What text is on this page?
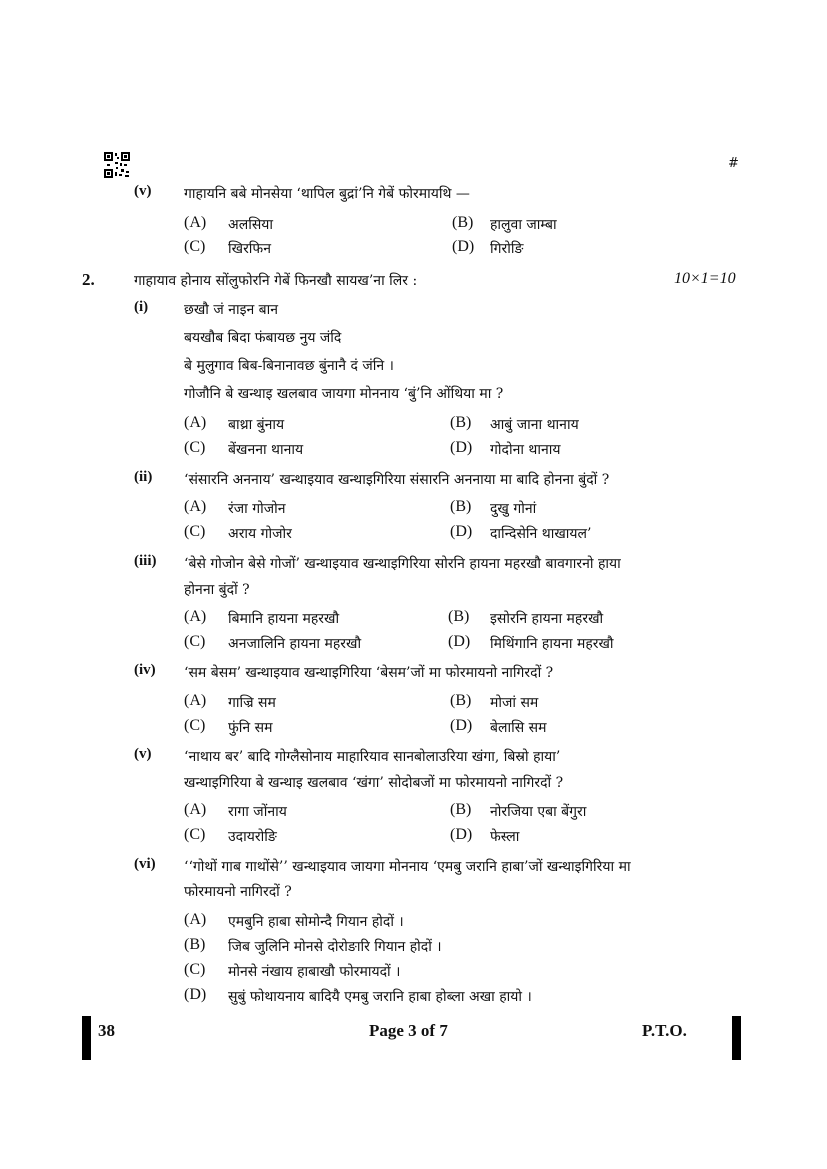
#
(v) गाहायनि बबे मोनसेया ‘थापिल बुद्रां’नि गेबें फोरमायथि —
(A) अलसिया	(B) हालुवा जाम्बा
(C) खिरफिन	(D) गिरोङि
2.	गाहायाव होनाय सोंलुफोरनि गेबें फिनखौ सायख’ना लिर :	10×1=10
(i)	छखौ जं नाइन बान
बयखौब बिदा फंबायछ नुय जंदि
बे मुलुगाव बिब-बिनानावछ बुंनानै दं जंनि ।
गोजौनि बे खन्थाइ खलबाव जायगा मोननाय ‘बुं’नि ओंथिया मा ?
(A) बाथ्रा बुंनाय	(B) आबुं जाना थानाय
(C) बेंखनना थानाय	(D) गोदोना थानाय
(ii) ‘संसारनि अननाय’ खन्थाइयाव खन्थाइगिरिया संसारनि अननाया मा बादि होनना बुंदों ?
(A) रंजा गोजोन	(B) दुखु गोनां
(C) अराय गोजोर	(D) दान्दिसेनि थाखायल’
(iii) ‘बेसे गोजोन बेसे गोजों’ खन्थाइयाव खन्थाइगिरिया सोरनि हायना महरखौ बावगारनो हाया
होनना बुंदों ?
(A) बिमानि हायना महरखौ	(B) इसोरनि हायना महरखौ
(C) अनजालिनि हायना महरखौ	(D) मिथिंगानि हायना महरखौ
(iv) ‘सम बेसम’ खन्थाइयाव खन्थाइगिरिया ‘बेसम’जों मा फोरमायनो नागिरदों ?
(A) गाज्रि सम	(B) मोजां सम
(C) फुंनि सम	(D) बेलासि सम
(v) ‘नाथाय बर’ बादि गोग्लैसोनाय माहारियाव सानबोलाउरिया खंगा, बिस्रो हाया’
खन्थाइगिरिया बे खन्थाइ खलबाव ‘खंगा’ सोदोबजों मा फोरमायनो नागिरदों ?
(A) रागा जोंनाय	(B) नोरजिया एबा बेंगुरा
(C) उदायरोङि	(D) फेस्ला
(vi) ‘‘गोथों गाब गाथोंसे’’ खन्थाइयाव जायगा मोननाय ‘एमबु जरानि हाबा’जों खन्थाइगिरिया मा
फोरमायनो नागिरदों ?
(A) एमबुनि हाबा सोमोन्दै गियान होदों ।
(B) जिब जुलिनि मोनसे दोरोङारि गियान होदों ।
(C) मोनसे नंखाय हाबाखौ फोरमायदों ।
(D) सुबुं फोथायनाय बादियै एमबु जरानि हाबा होब्ला अखा हायो ।
38	Page 3 of 7	P.T.O.
